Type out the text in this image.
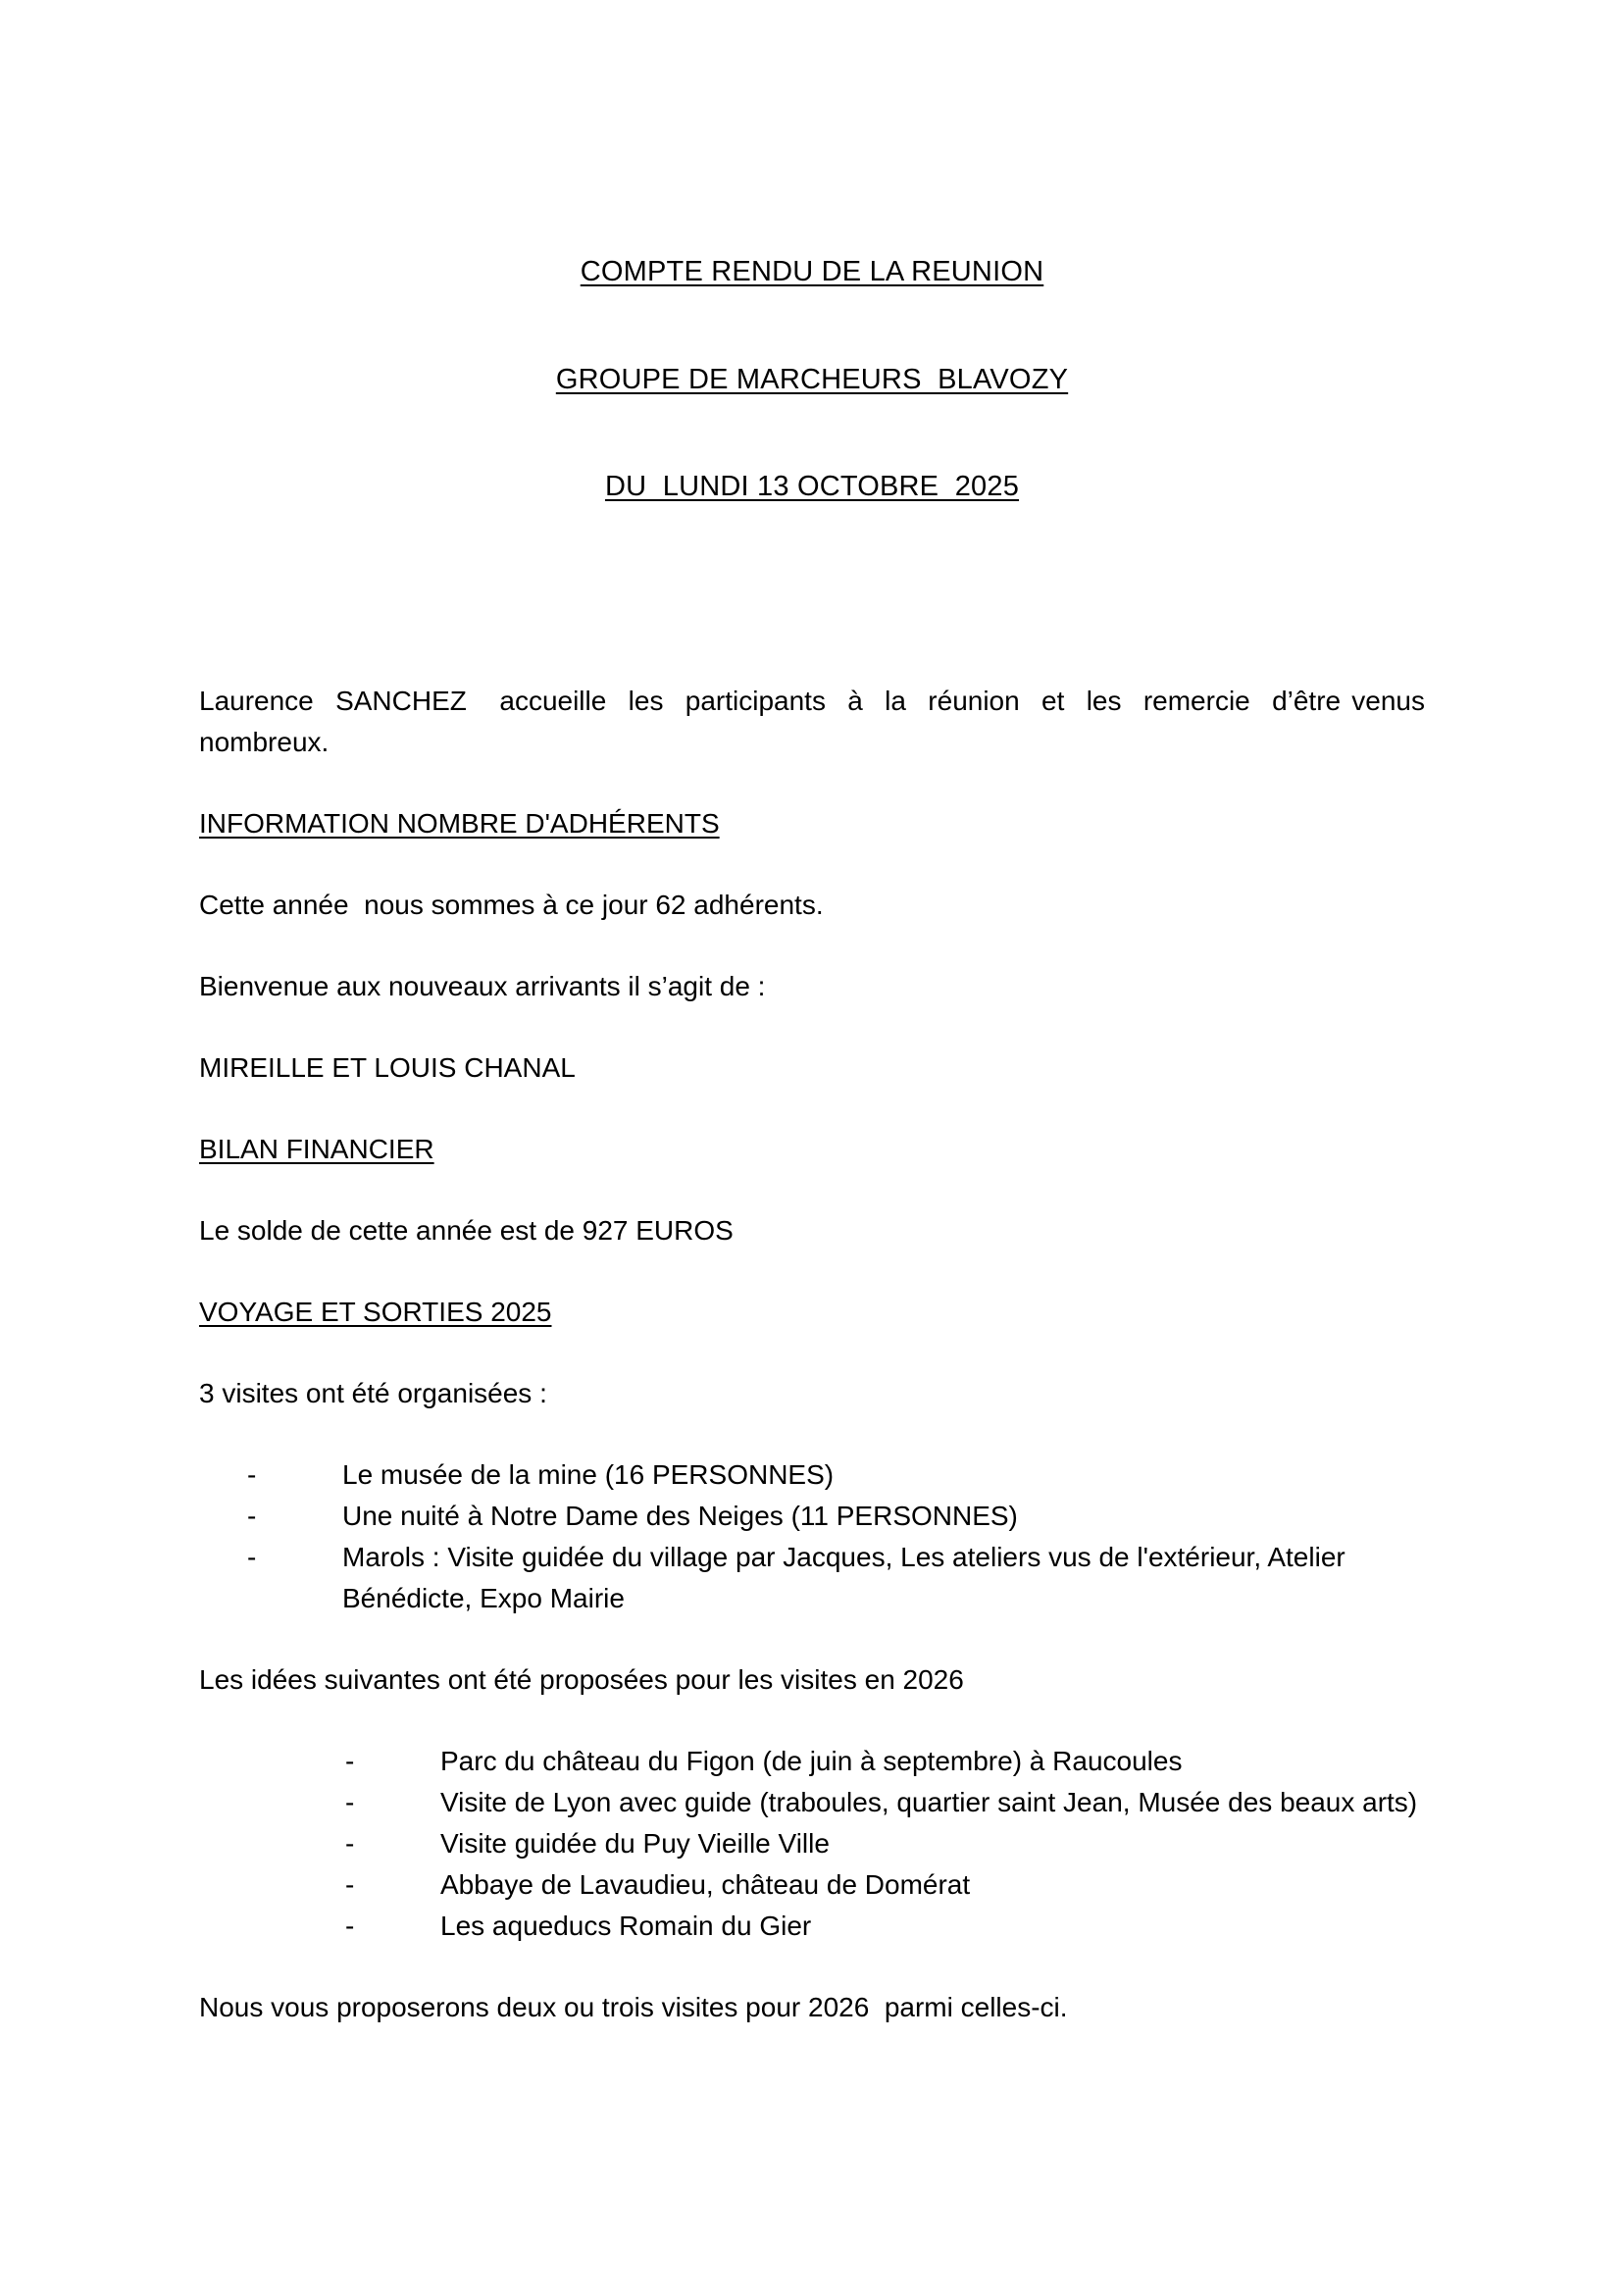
COMPTE RENDU DE LA REUNION

GROUPE DE MARCHEURS  BLAVOZY

DU  LUNDI 13 OCTOBRE  2025

Laurence  SANCHEZ   accueille  les  participants  à  la  réunion  et  les  remercie  d’être venus nombreux.

INFORMATION NOMBRE D'ADHÉRENTS

Cette année  nous sommes à ce jour 62 adhérents.

Bienvenue aux nouveaux arrivants il s’agit de :

MIREILLE ET LOUIS CHANAL

BILAN FINANCIER

Le solde de cette année est de 927 EUROS

VOYAGE ET SORTIES 2025

3 visites ont été organisées :

-	Le musée de la mine (16 PERSONNES)
-	Une nuité à Notre Dame des Neiges (11 PERSONNES)
-	Marols : Visite guidée du village par Jacques, Les ateliers vus de l'extérieur, Atelier Bénédicte, Expo Mairie

Les idées suivantes ont été proposées pour les visites en 2026

-	Parc du château du Figon (de juin à septembre) à Raucoules
-	Visite de Lyon avec guide (traboules, quartier saint Jean, Musée des beaux arts)
-	Visite guidée du Puy Vieille Ville
-	Abbaye de Lavaudieu, château de Domérat
-	Les aqueducs Romain du Gier

Nous vous proposerons deux ou trois visites pour 2026  parmi celles-ci.
